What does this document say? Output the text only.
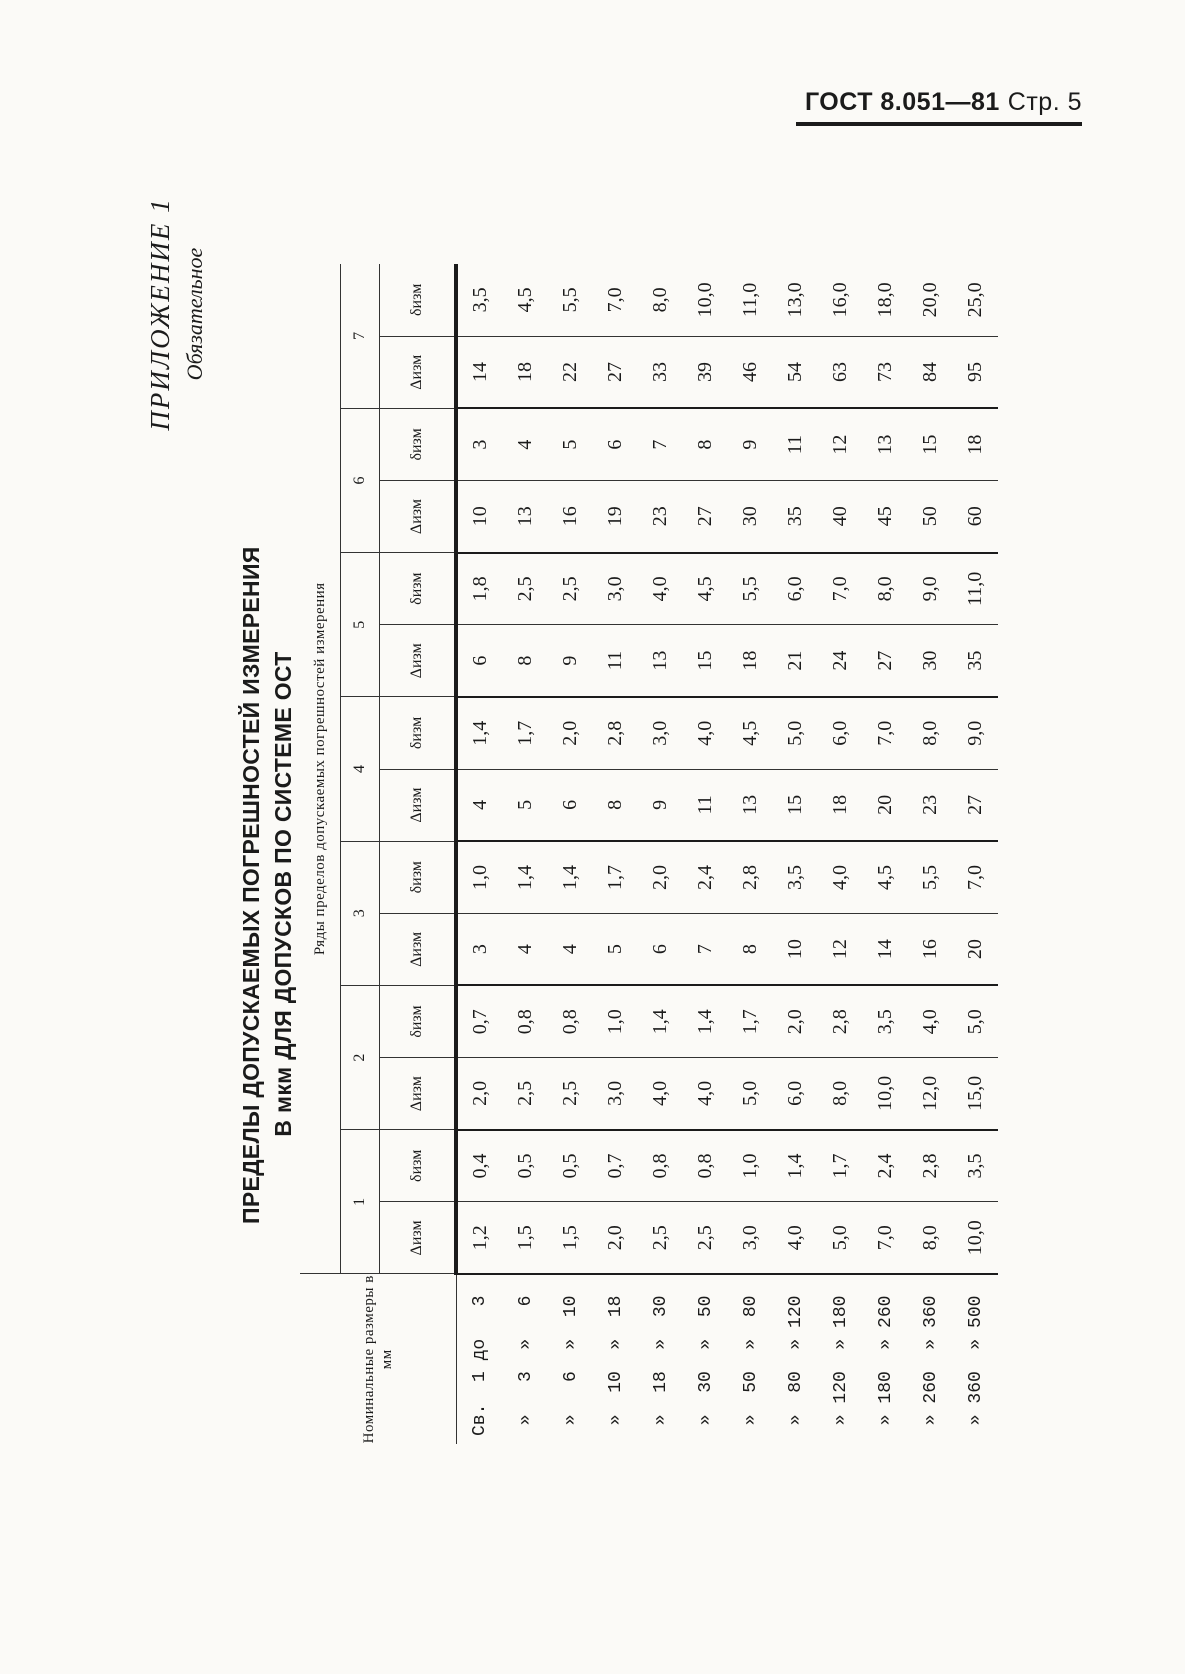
ГОСТ 8.051—81 Стр. 5
ПРИЛОЖЕНИЕ 1 Обязательное
ПРЕДЕЛЫ ДОПУСКАЕМЫХ ПОГРЕШНОСТЕЙ ИЗМЕРЕНИЯ В мкм ДЛЯ ДОПУСКОВ ПО СИСТЕМЕ ОСТ
Номинальные размеры в мм	Ряды пределов допускаемых погрешностей измерения													
	1		2		3		4		5		6		7	
	Δизм	δизм	Δизм	δизм	Δизм	δизм	Δизм	δизм	Δизм	δизм	Δизм	δизм	Δизм	δизм
Св.  1 до   3	1,2	0,4	2,0	0,7	3	1,0	4	1,4	6	1,8	10	3	14	3,5
»   3  »   6	1,5	0,5	2,5	0,8	4	1,4	5	1,7	8	2,5	13	4	18	4,5
»   6  »  10	1,5	0,5	2,5	0,8	4	1,4	6	2,0	9	2,5	16	5	22	5,5
»  10  »  18	2,0	0,7	3,0	1,0	5	1,7	8	2,8	11	3,0	19	6	27	7,0
»  18  »  30	2,5	0,8	4,0	1,4	6	2,0	9	3,0	13	4,0	23	7	33	8,0
»  30  »  50	2,5	0,8	4,0	1,4	7	2,4	11	4,0	15	4,5	27	8	39	10,0
»  50  »  80	3,0	1,0	5,0	1,7	8	2,8	13	4,5	18	5,5	30	9	46	11,0
»  80  » 120	4,0	1,4	6,0	2,0	10	3,5	15	5,0	21	6,0	35	11	54	13,0
» 120  » 180	5,0	1,7	8,0	2,8	12	4,0	18	6,0	24	7,0	40	12	63	16,0
» 180  » 260	7,0	2,4	10,0	3,5	14	4,5	20	7,0	27	8,0	45	13	73	18,0
» 260  » 360	8,0	2,8	12,0	4,0	16	5,5	23	8,0	30	9,0	50	15	84	20,0
» 360  » 500	10,0	3,5	15,0	5,0	20	7,0	27	9,0	35	11,0	60	18	95	25,0
